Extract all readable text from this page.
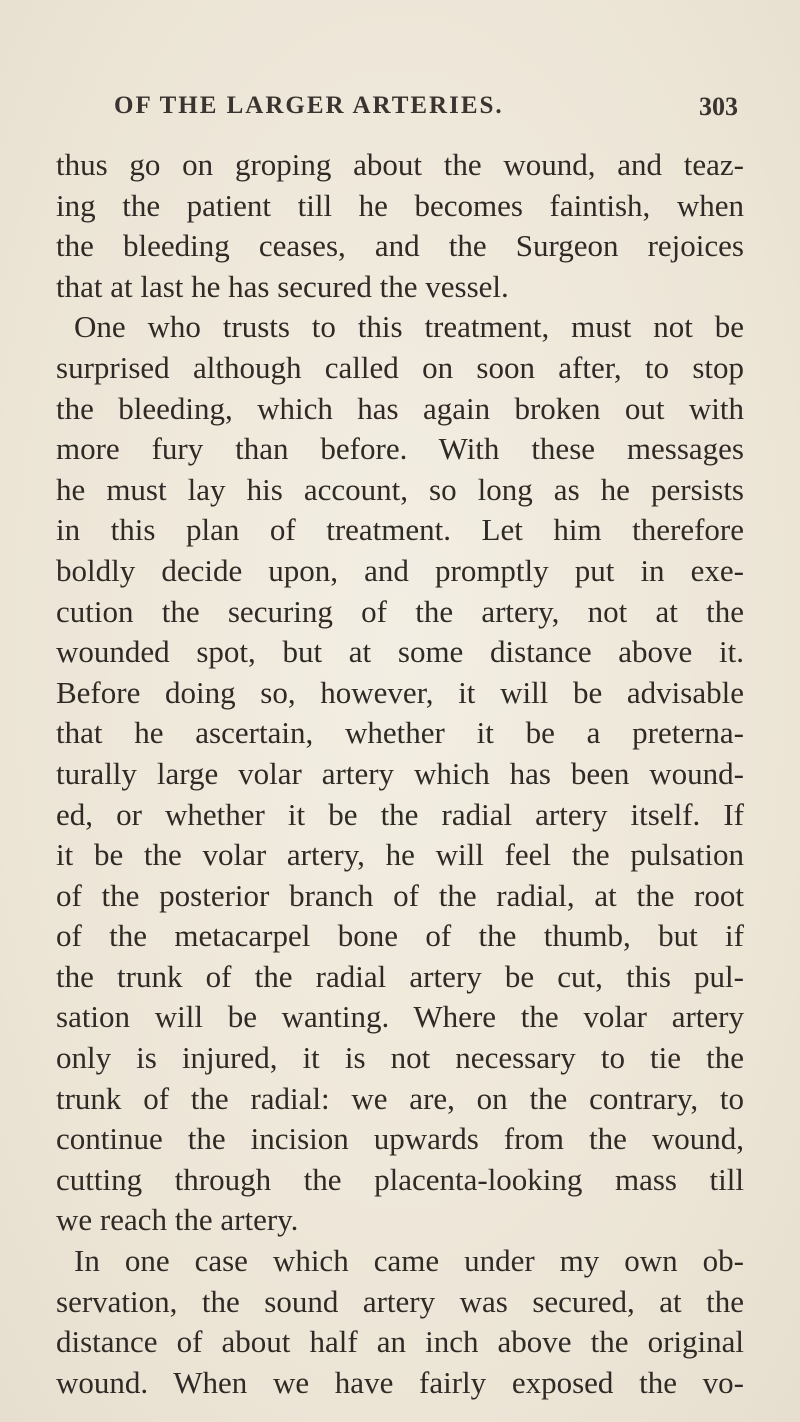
OF THE LARGER ARTERIES.	303
thus go on groping about the wound, and teaz-
ing the patient till he becomes faintish, when
the bleeding ceases, and the Surgeon rejoices
that at last he has secured the vessel.
One who trusts to this treatment, must not be
surprised although called on soon after, to stop
the bleeding, which has again broken out with
more fury than before. With these messages
he must lay his account, so long as he persists
in this plan of treatment. Let him therefore
boldly decide upon, and promptly put in exe-
cution the securing of the artery, not at the
wounded spot, but at some distance above it.
Before doing so, however, it will be advisable
that he ascertain, whether it be a preterna-
turally large volar artery which has been wound-
ed, or whether it be the radial artery itself. If
it be the volar artery, he will feel the pulsation
of the posterior branch of the radial, at the root
of the metacarpel bone of the thumb, but if
the trunk of the radial artery be cut, this pul-
sation will be wanting. Where the volar artery
only is injured, it is not necessary to tie the
trunk of the radial: we are, on the contrary, to
continue the incision upwards from the wound,
cutting through the placenta-looking mass till
we reach the artery.
In one case which came under my own ob-
servation, the sound artery was secured, at the
distance of about half an inch above the original
wound. When we have fairly exposed the vo-
